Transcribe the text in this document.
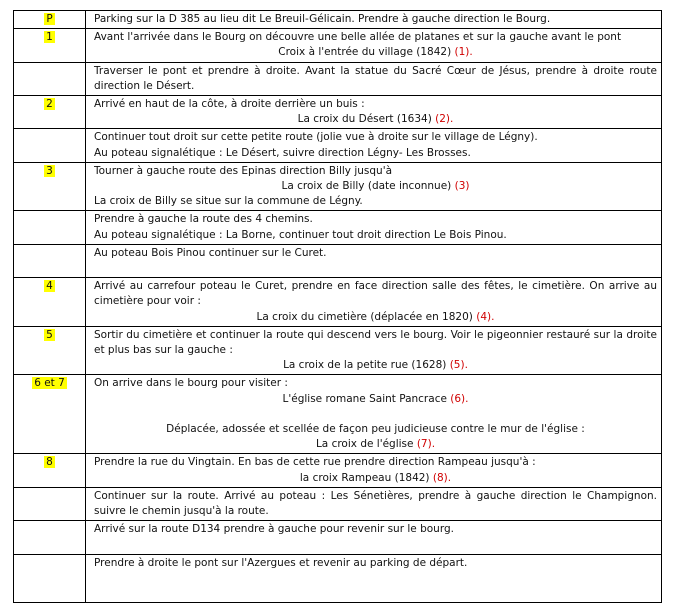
P	Parking sur la D 385 au lieu dit Le Breuil-Gélicain. Prendre à gauche direction le Bourg.

1	Avant l'arrivée dans le Bourg on découvre une belle allée de platanes et sur la gauche avant le pont
Croix à l'entrée du village (1842) (1).

	Traverser le pont et prendre à droite. Avant la statue du Sacré Cœur de Jésus, prendre à droite route direction le Désert.

2	Arrivé en haut de la côte, à droite derrière un buis :
La croix du Désert (1634) (2).

	Continuer tout droit sur cette petite route (jolie vue à droite sur le village de Légny).
Au poteau signalétique : Le Désert, suivre direction Légny- Les Brosses.

3	Tourner à gauche route des Epinas direction Billy jusqu'à
La croix de Billy (date inconnue) (3)
La croix de Billy se situe sur la commune de Légny.

	Prendre à gauche la route des 4 chemins.
Au poteau signalétique : La Borne, continuer tout droit direction Le Bois Pinou.

	Au poteau Bois Pinou continuer sur le Curet.

4	Arrivé au carrefour poteau le Curet, prendre en face direction salle des fêtes, le cimetière. On arrive au cimetière pour voir :
La croix du cimetière (déplacée en 1820) (4).

5	Sortir du cimetière et continuer la route qui descend vers le bourg. Voir le pigeonnier restauré sur la droite et plus bas sur la gauche :
La croix de la petite rue (1628) (5).

6 et 7	On arrive dans le bourg pour visiter :
L'église romane Saint Pancrace (6).

Déplacée, adossée et scellée de façon peu judicieuse contre le mur de l'église :
La croix de l'église (7).

8	Prendre la rue du Vingtain. En bas de cette rue prendre direction Rampeau jusqu'à :
la croix Rampeau (1842) (8).

	Continuer sur la route. Arrivé au poteau : Les Sénetières, prendre à gauche direction le Champignon. suivre le chemin jusqu'à la route.

	Arrivé sur la route D134 prendre à gauche pour revenir sur le bourg.

	Prendre à droite le pont sur l'Azergues et revenir au parking de départ.
